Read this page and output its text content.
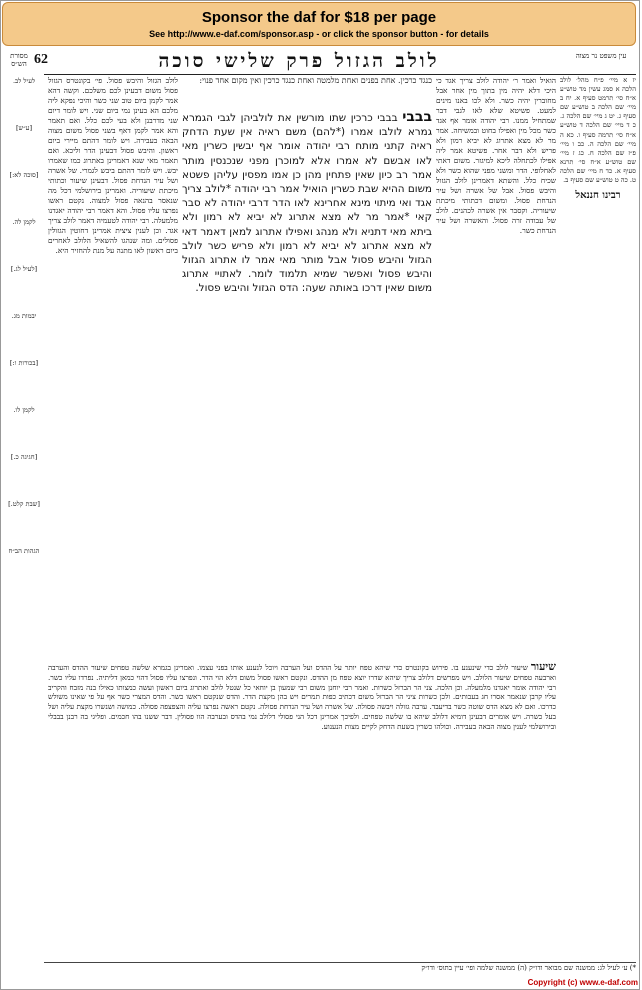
Sponsor the daf for $18 per page
See http://www.e-daf.com/sponsor.asp - or click the sponsor button - for details
עין משפט נר מצוה
לולב הגזול פרק שלישי סוכה
62
מסורת הש״ס
יז א מיי׳ פ״ח מהל׳ לולב הלכה א סמג עשין מד טוש״ע א״ח סי׳ תרמט סעיף א. יח ב מיי׳ שם הלכה ב טוש״ע שם סעיף ג. יט ג מיי׳ שם הלכה ג. כ ד מיי׳ שם הלכה ד טוש״ע א״ח סי׳ תרמה סעיף ו. כא ה מיי׳ שם הלכה ה. כב ו מיי׳ פ״ז שם הלכה ח. כג ז מיי׳ שם טוש״ע א״ח סי׳ תרנא סעיף א. כד ח מיי׳ שם הלכה ט. כה ט טוש״ע שם סעיף ב.
רבינו חננאל
הואיל ואמר ר׳ יהודה לולב צריך אגד כי היכי דלא יהיה מין בתוך מין אחר אבל מחוברין יהיה כשר. ולא לכו באנו מינים למעט. פשיטא שלא לאו לגבי דבר שמתחיל ממנו. רבי יהודה אומר אף אגד כשר מכל מין ואפילו בחוט ובמשיחה. אמר מר לא מצא אתרוג לא יביא רמון ולא פריש ולא דבר אחר. פשיטא אמר ליה אפילו לכתחלה ליכא למיגזר. משום דאתי לאחלופי. הדר ומשני מפני שהוא כשר ולא שכיח כלל. והשתא דאמרינן לולב הגזול והיבש פסול. אבל של אשרה ושל עיר הנדחת פסול. ומשום דכתותי מיכתת שיעוריה. וקסבר אין אשרה לכהנים. לולב של עבודה זרה פסול. והאשרה ושל עיר הנדחת כשר.
כנגד כרכין. אחת בפנים ואחת מלמטה ואחת כנגד כרכין ואין מקום אחד פנוי:
בבבי בבבי כרכין שתו מורשין את לולביהן לגבי הגמרא גמרא לולבו אמרו (*להם) משם ראיה אין שעת הדחק ראיה קתני מותח רבי יהודה אומר אף יבשין כשרין מאי לאו אבשם לא אמרו אלא למוכרן מפני שנכנסין מותר אמר רב כיון שאין פתחין מהן כן אמו מפסין עליהן פשטא משום ההיא שבת כשרין הואיל אמר רבי יהודה *לולב צריך אגד ואי מיתוי מינא אחרינא לאו הדר דרבי יהודה לא סבר קאי *אמר מר לא מצא אתרוג לא יביא לא רמון ולא ביתא מאי דתניא ולא מנהג ואפילו אתרוג למאן דאמר דאי לא מצא אתרוג לא יביא לא רמון ולא פריש כשר לולב הגזול והיבש פסול אבל מותר מאי אמר לו אתרוג הגזול והיבש פסול ואפשר שמיא תלמוד לומר. לאתויי אתרוג משום שאין דרכו באותה שעה: הדס הגזול והיבש פסול.
לולב הגזול והיבש פסול. פי׳ בקונטרס הגזול פסול משום דבעינן לכם משלכם. וקשה דהא אמר לקמן ביום טוב שני כשר והיכי נפקא ליה מלכם הא בעינן נמי ביום שני. ויש לומר דיום שני מדרבנן ולא בעי לכם כלל. ואם תאמר והא אמר לקמן דאף בשני פסול משום מצוה הבאה בעבירה. ויש לומר דהתם מיירי ביום ראשון. והיבש פסול דבעינן הדר וליכא. ואם תאמר מאי שנא דאמרינן באתרוג כמו שאמרו יבש. ויש לומר דהתם ביבש לגמרי. של אשרה ושל עיר הנדחת פסול. דבעינן שיעור וכתותי מיכתת שיעוריה. ואמרינן בירושלמי דכל מה שנאסר בהנאה פסול למצוה. נקטם ראשו נפרצו עליו פסול. והא דאמר רבי יהודה יאגדנו מלמעלה. רבי יהודה לטעמיה דאמר לולב צריך אגד. וכן לענין ציצית אמרינן דחוטין הגזולין פסולים. ומה שנהגו להשאיל הלולב לאחרים ביום ראשון לאו מתנה על מנת להחזיר היא.
לעיל לב.
[ע״ש]
[סוכה לא:]
לקמן לה.
[לעיל לג.]
יבמות מג.
[בכורות ו:]
לקמן לו.
[חגיגה כ.]
[שבת קלט.]
הגהות הב״ח
שיעור שיעור לולב כדי שינענע בו. פירוש בקונטרס כדי שיהא טפח יותר על ההדס ועל הערבה ויוכל לנענע אותו בפני עצמו. ואמרינן בגמרא שלשה טפחים שיעור ההדס והערבה וארבעה טפחים שיעור הלולב. ויש מפרשים דלולב צריך שיהא שדרו יוצא טפח מן ההדס. ונקטם ראשו פסול משום דלא הוי הדר. ונפרצו עליו פסול דהוי כמאן דליתיה. נפרדו עליו כשר. רבי יהודה אומר יאגדנו מלמעלה. וכן הלכה. צני הר הברזל כשרות. ואמר רבי יוחנן משום רבי שמעון בן יוחאי כל שנטל לולב ואתרוג ביום ראשון ועשה כמצותו כאילו בנה מזבח והקריב עליו קרבן שנאמר אסרו חג בעבותים. ולכן כשרות ציני הר הברזל משום דכתיב כפות תמרים ויש בהן מקצת הדר. והדס שנקטם ראשו כשר. והדס המצרי כשר אף על פי שאינו משולש כדרכו. ואם לא מצא הדס שוטה כשר בדיעבד. ערבה גזולה ויבשה פסולה. של אשרה ושל עיר הנדחת פסולה. נקטם ראשה נפרצו עליה והצפצפה פסולה. כמושה ושנשרו מקצת עליה ושל בעל כשרה. ויש אומרים דבעינן דומיא דלולב שיהא בו שלשה טפחים. ולפיכך אמרינן דכל הני פסולי דלולב נמי בהדס ובערבה הוו פסולין. דבר ששנו בהו חכמים. ופליגי בה רבנן בבבלי ובירושלמי לענין מצוה הבאה בעבירה. וכולהו כשרין בשעת הדחק לקיים מצות הנענוע.
*) ע׳ לעיל לג: ממשנה שם מבואר ודו״ק (ה) ממשנה שלמה ופי׳ עיין בתוס׳ ודו״ק
Copyright (c) www.e-daf.com
